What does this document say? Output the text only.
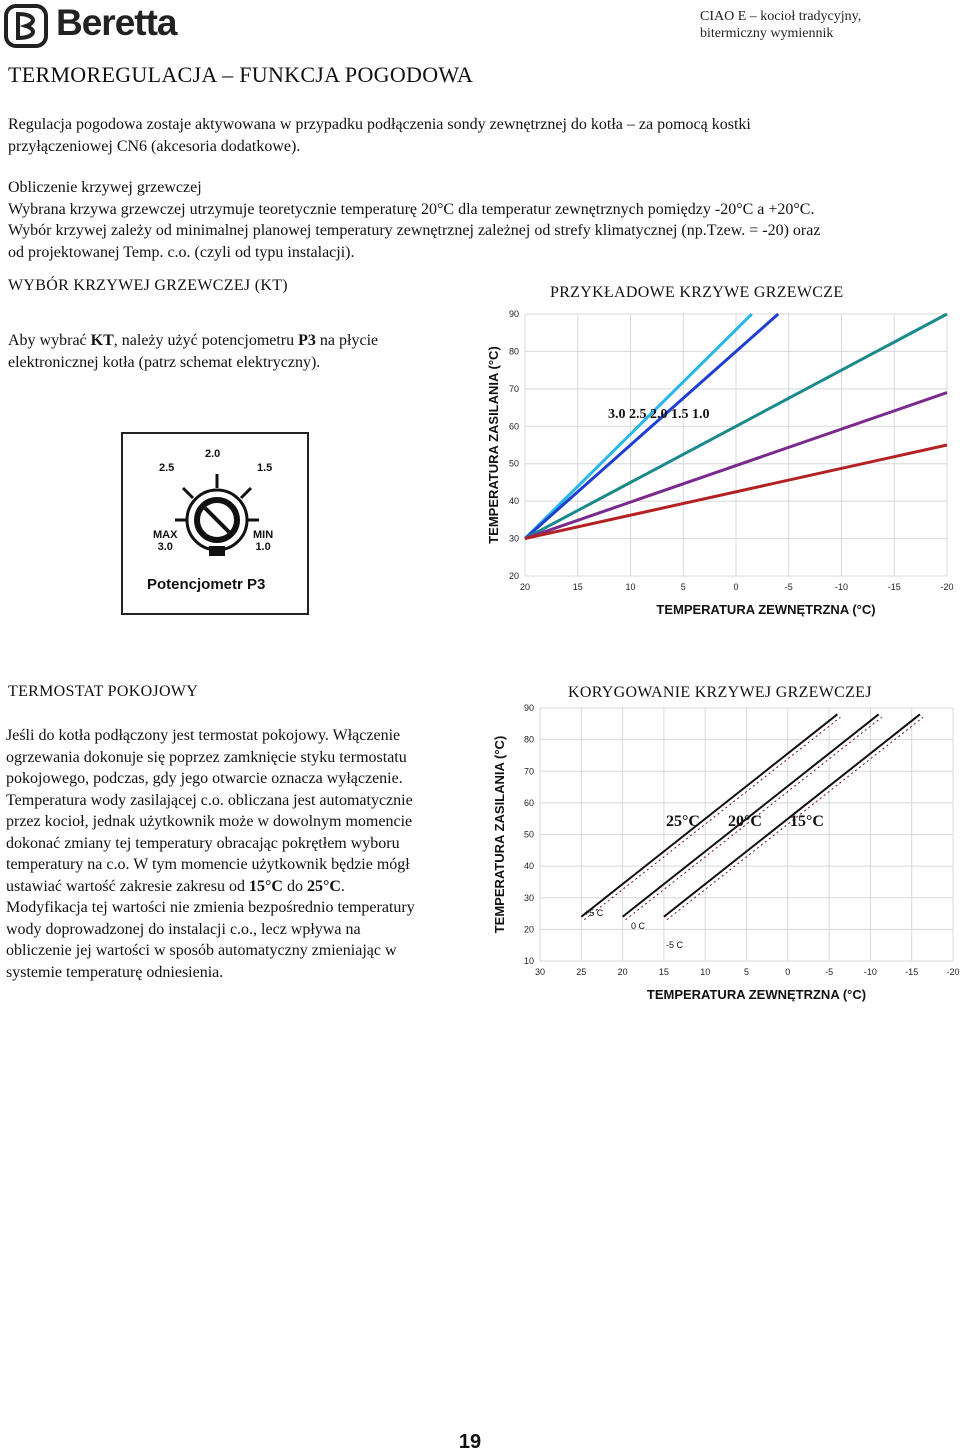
Beretta	CIAO E – kocioł tradycyjny,
bitermiczny wymiennik
TERMOREGULACJA – FUNKCJA POGODOWA
Regulacja pogodowa zostaje aktywowana w przypadku podłączenia sondy zewnętrznej do kotła – za pomocą kostki
przyłączeniowej CN6 (akcesoria dodatkowe).
Obliczenie krzywej grzewczej
Wybrana krzywa grzewczej utrzymuje teoretycznie temperaturę 20°C dla temperatur zewnętrznych pomiędzy -20°C a +20°C.
Wybór krzywej zależy od minimalnej planowej temperatury zewnętrznej zależnej od strefy klimatycznej (np.Tzew. = -20) oraz
od projektowanej Temp. c.o. (czyli od typu instalacji).
WYBÓR KRZYWEJ GRZEWCZEJ (KT)
Aby wybrać KT, należy użyć potencjometru P3 na płycie
elektronicznej kotła (patrz schemat elektryczny).
2.0
2.5	1.5
MAX
3.0
MIN
1.0
Potencjometr P3
PRZYKŁADOWE KRZYWE GRZEWCZE
20	15	10	5	0	-5	-10	-15	-20
20
30
40
50
60
70
80
90
TEMPERATURA ZEWNĘTRZNA (°C)
TEMPERATURA ZASILANIA (°C)	3.0 2.5 2.0 1.5 1.0
TERMOSTAT POKOJOWY
Jeśli do kotła podłączony jest termostat pokojowy. Włączenie
ogrzewania dokonuje się poprzez zamknięcie styku termostatu
pokojowego, podczas, gdy jego otwarcie oznacza wyłączenie.
Temperatura wody zasilającej c.o. obliczana jest automatycznie
przez kocioł, jednak użytkownik może w dowolnym momencie
dokonać zmiany tej temperatury obracając pokrętłem wyboru
temperatury na c.o. W tym momencie użytkownik będzie mógł
ustawiać wartość zakresie zakresu od 15°C do 25°C.
Modyfikacja tej wartości nie zmienia bezpośrednio temperatury
wody doprowadzonej do instalacji c.o., lecz wpływa na
obliczenie jej wartości w sposób automatyczny zmieniając w
systemie temperaturę odniesienia.
KORYGOWANIE KRZYWEJ GRZEWCZEJ
30	25	20	15	10	5	0	-5	-10	-15	-20
10
20
30
40
50
60
70
80
90
TEMPERATURA ZEWNĘTRZNA (°C)
TEMPERATURA ZASILANIA (°C)	25°C 20°C 15°C
+5 C
0 C
-5 C
19
